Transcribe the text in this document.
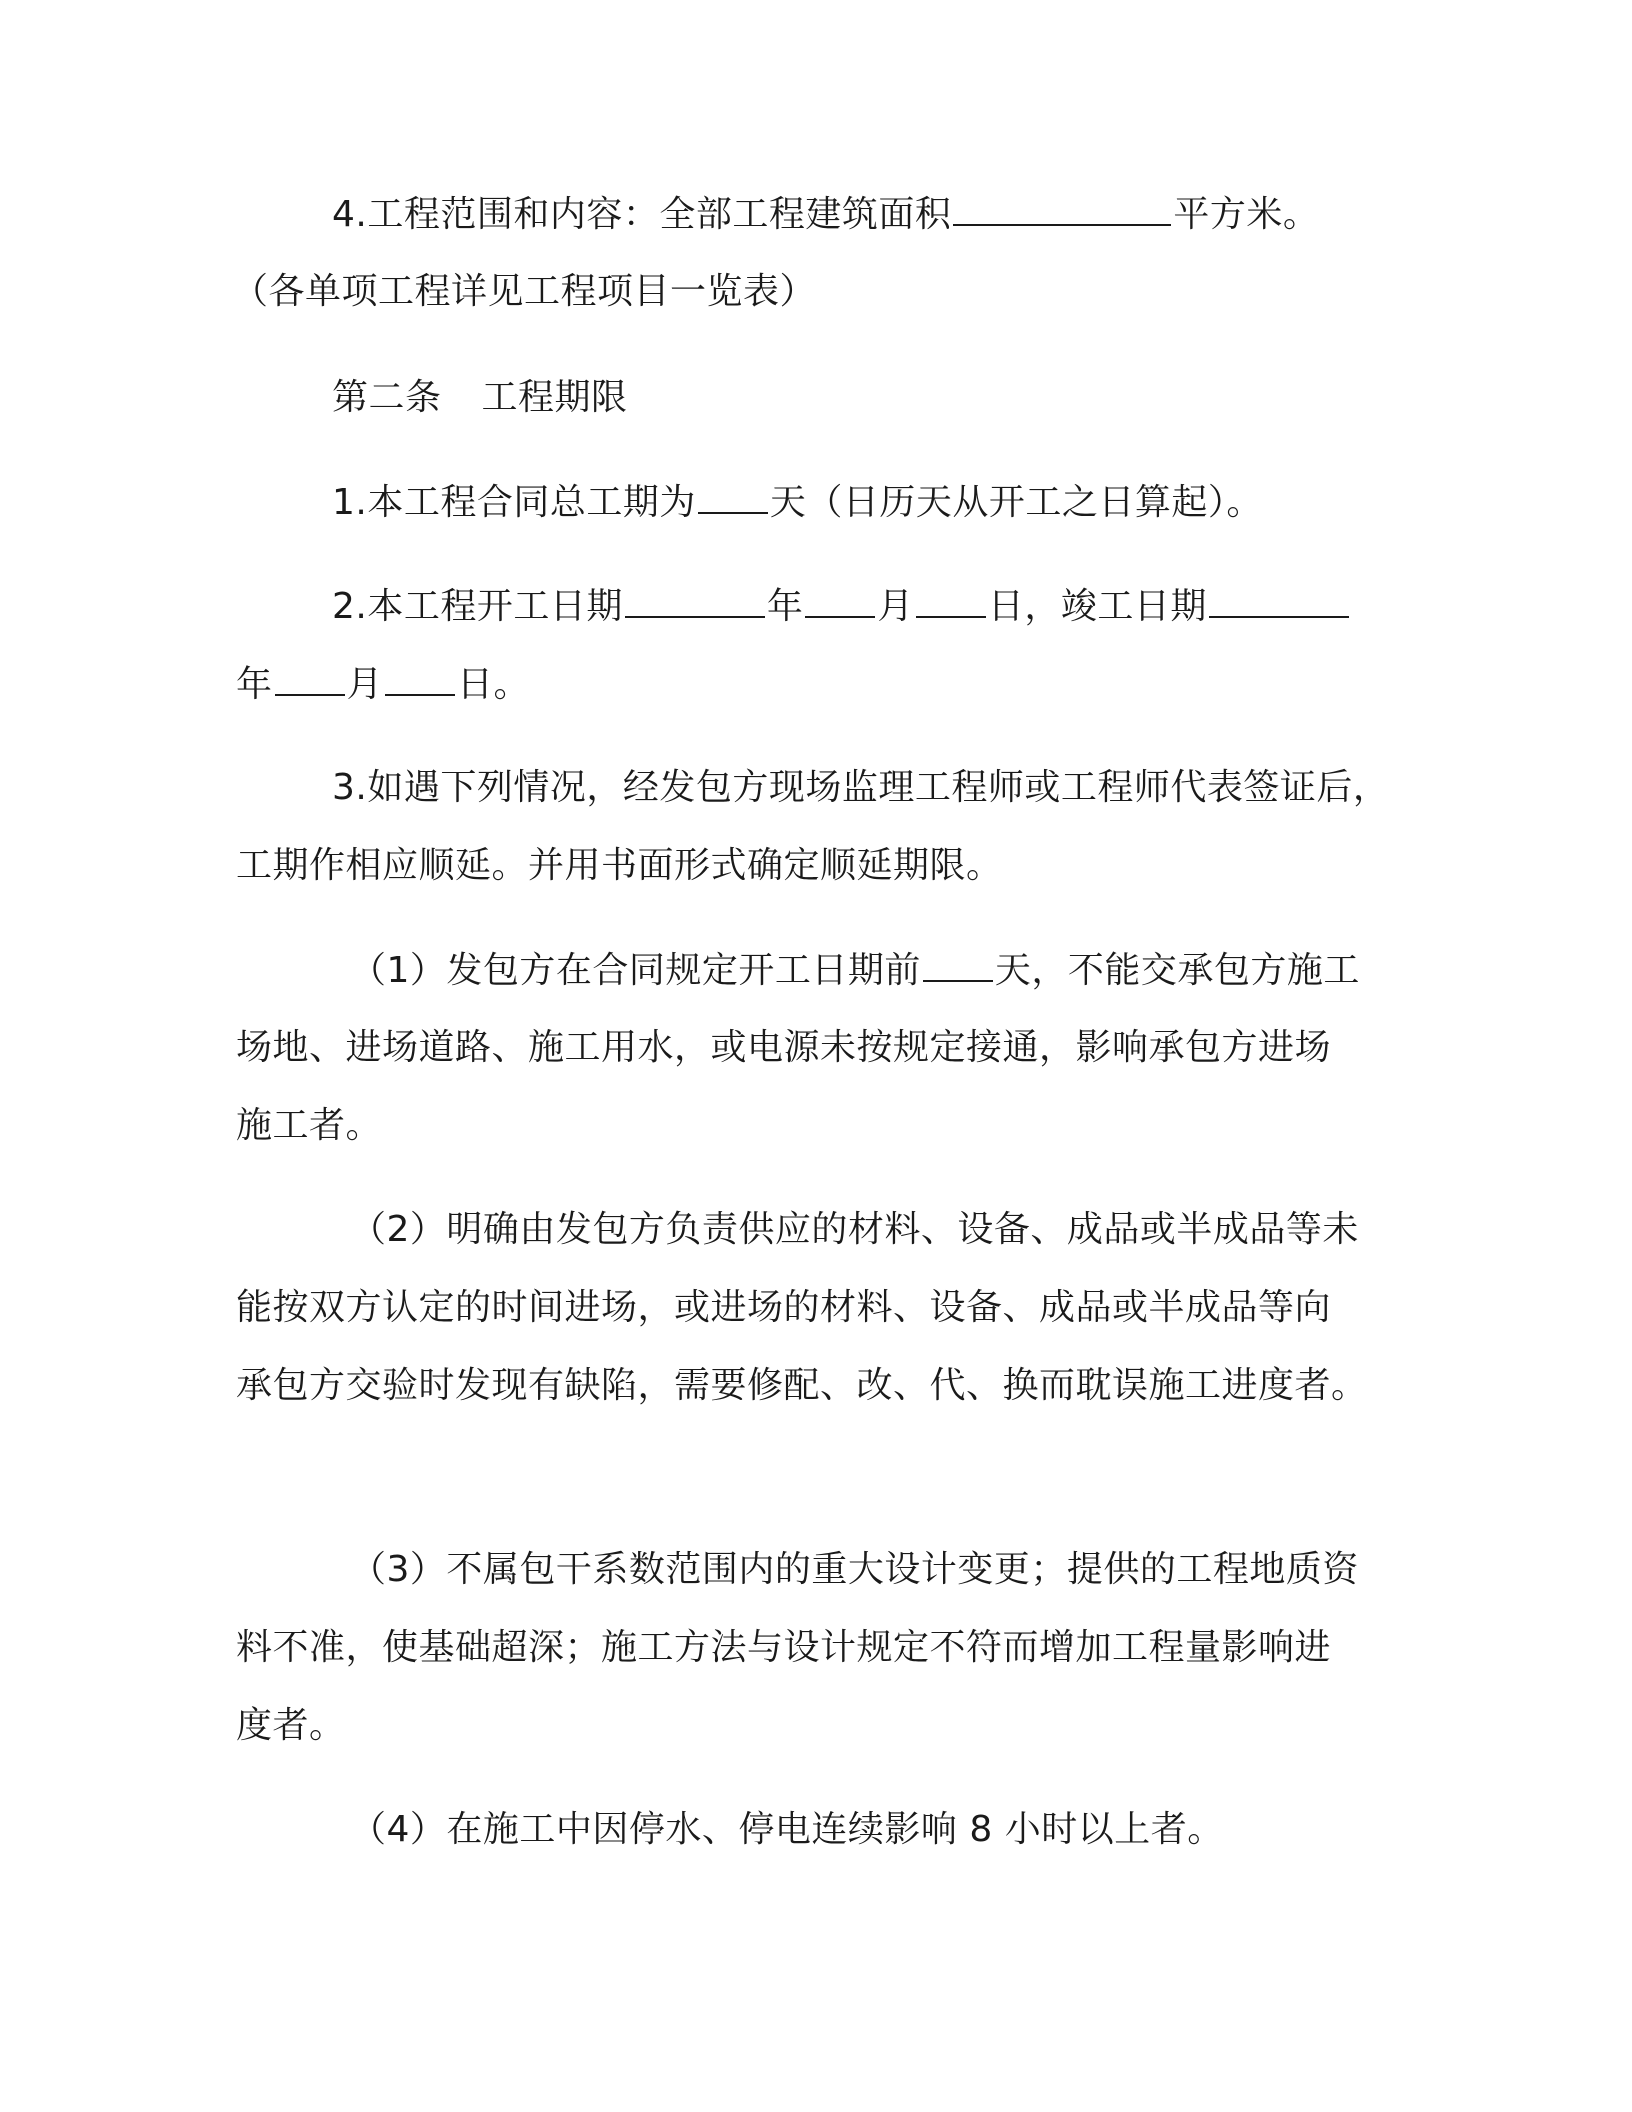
4.工程范围和内容：全部工程建筑面积	平方米。
（各单项工程详见工程项目一览表）
第二条 工程期限
1.本工程合同总工期为 天（日历天从开工之日算起）。
2.本工程开工日期	年 月 日，竣工日期
年 月 日。
3.如遇下列情况，经发包方现场监理工程师或工程师代表签证后，
工期作相应顺延。并用书面形式确定顺延期限。
（1）发包方在合同规定开工日期前 天，不能交承包方施工
场地、进场道路、施工用水，或电源未按规定接通，影响承包方进场
施工者。
（2）明确由发包方负责供应的材料、设备、成品或半成品等未
能按双方认定的时间进场，或进场的材料、设备、成品或半成品等向
承包方交验时发现有缺陷，需要修配、改、代、换而耽误施工进度者。
（3）不属包干系数范围内的重大设计变更；提供的工程地质资
料不准，使基础超深；施工方法与设计规定不符而增加工程量影响进
度者。
（4）在施工中因停水、停电连续影响 8 小时以上者。
